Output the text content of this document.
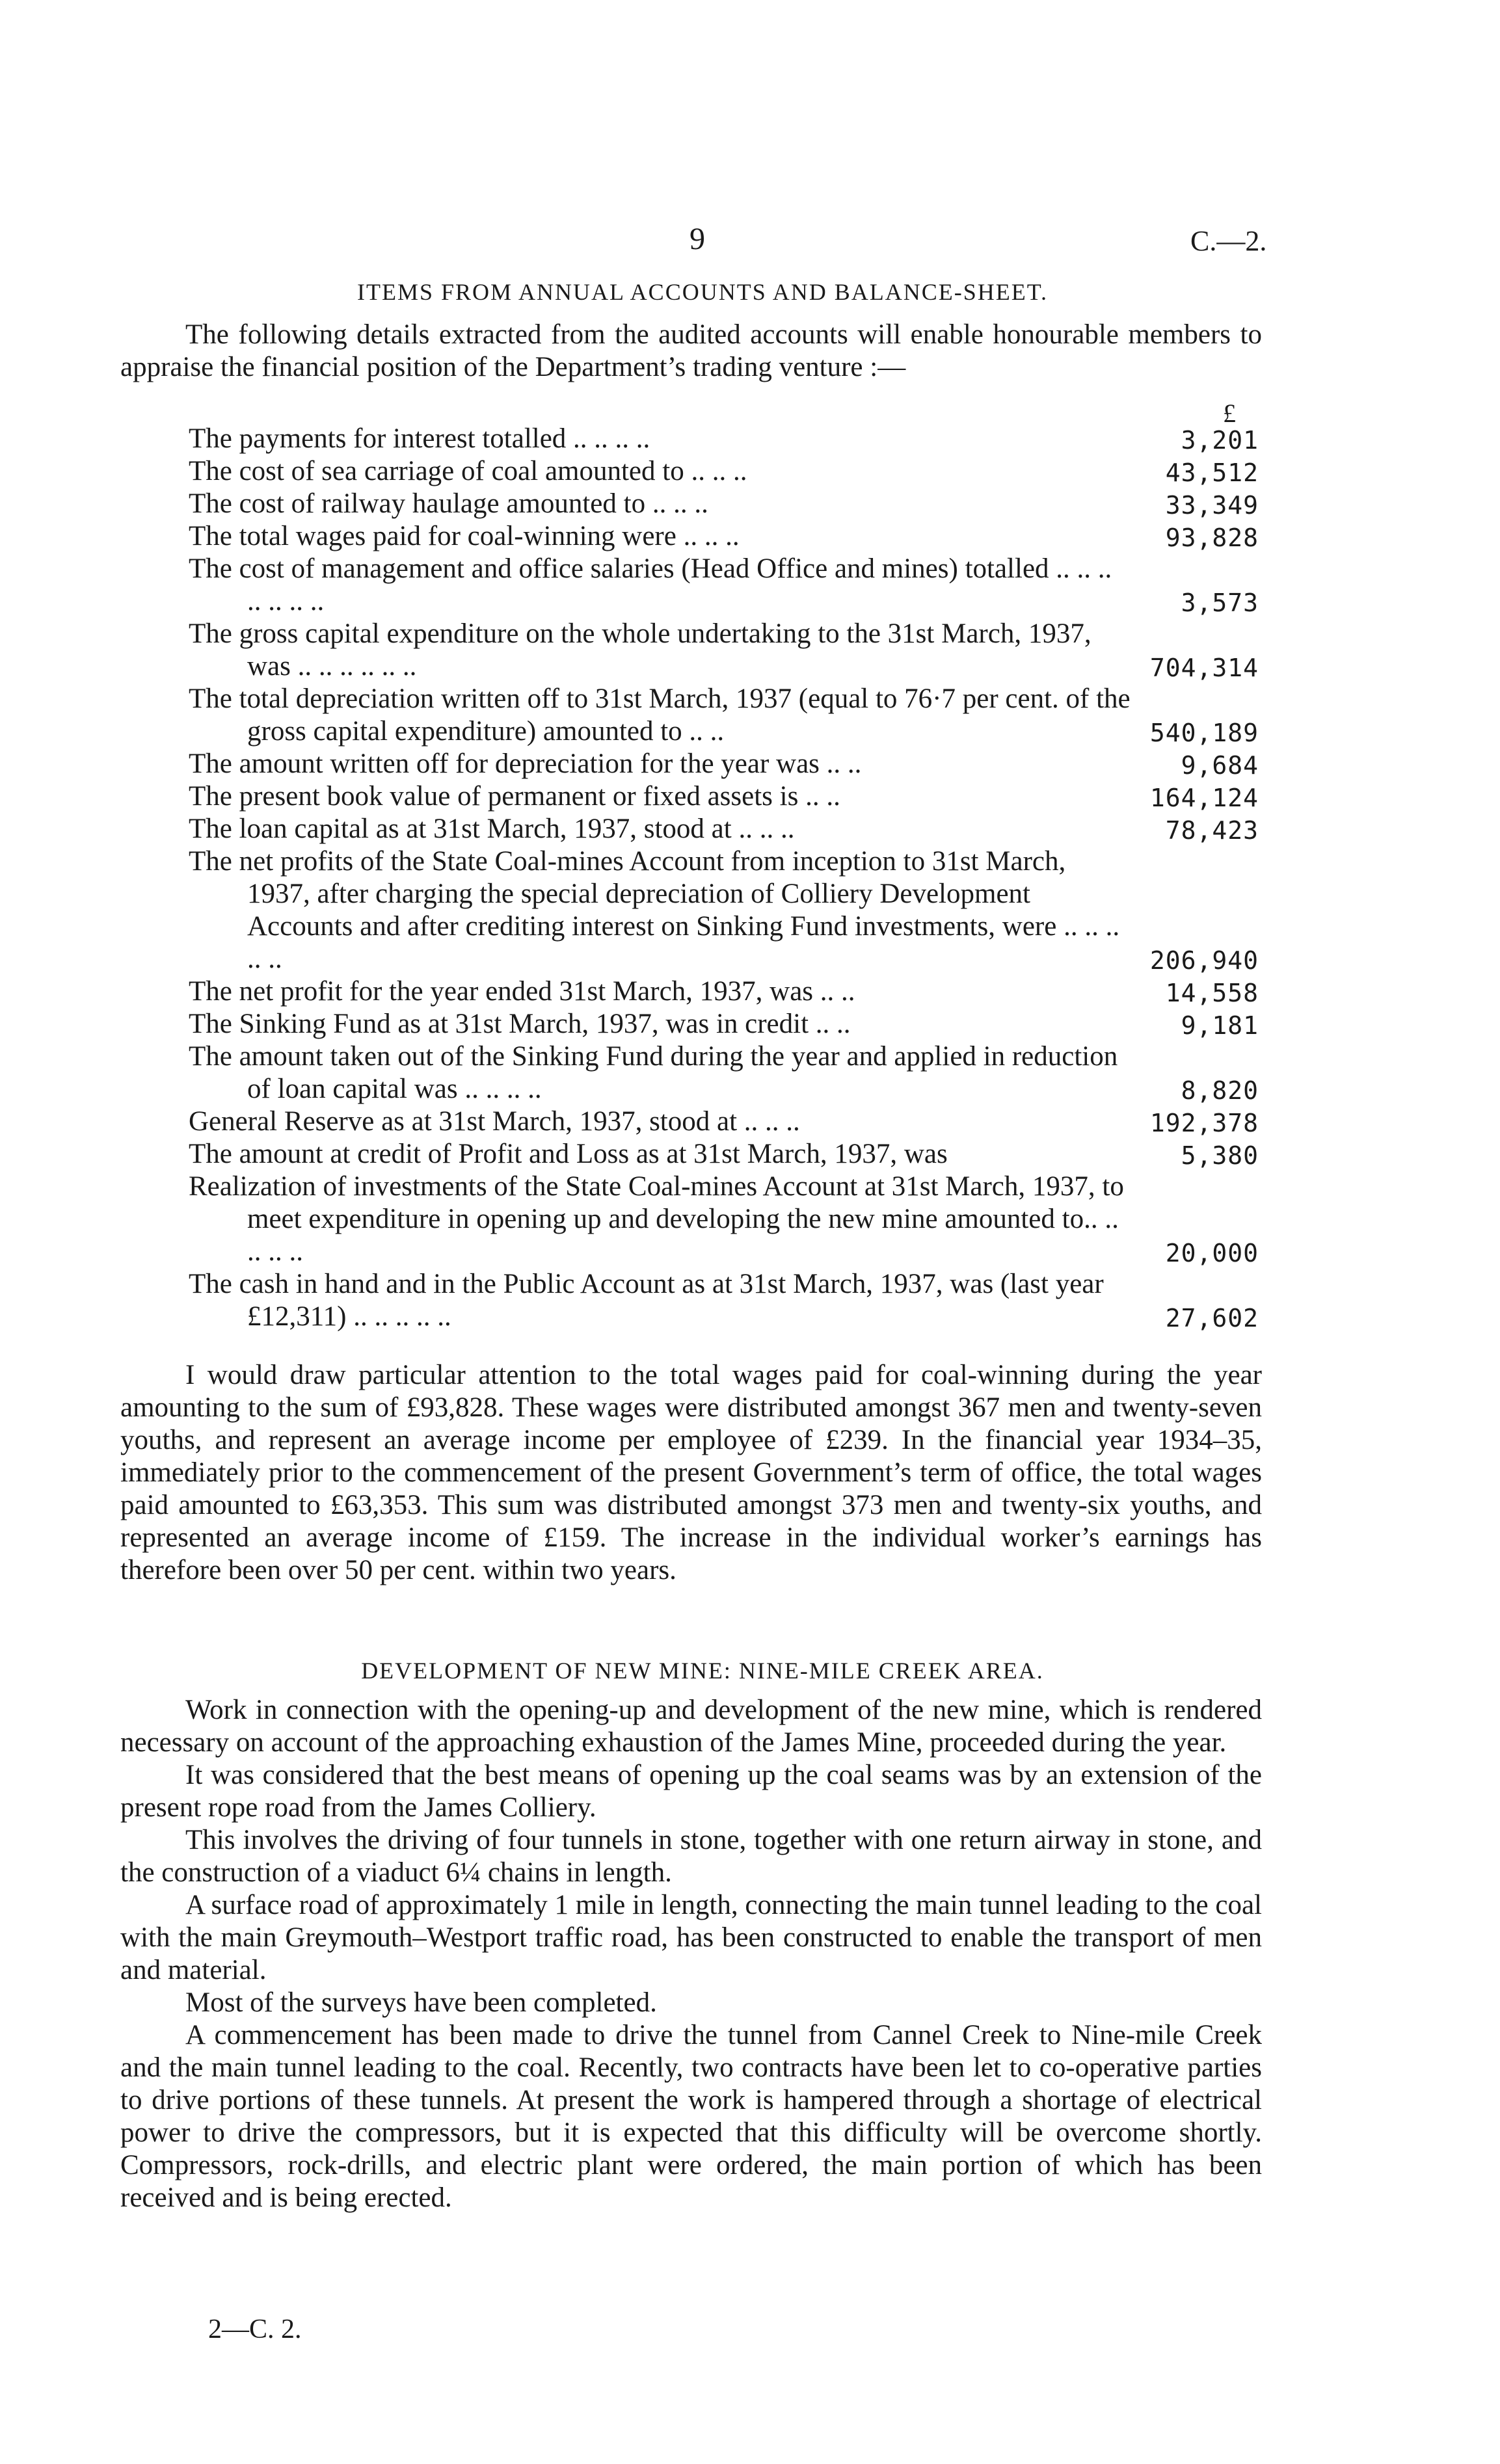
9	C.—2.
ITEMS FROM ANNUAL ACCOUNTS AND BALANCE-SHEET.

The following details extracted from the audited accounts will enable honourable members to appraise the financial position of the Department’s trading venture :—

£
The payments for interest totalled .. .. .. ..	3,201
The cost of sea carriage of coal amounted to .. .. ..	43,512
The cost of railway haulage amounted to .. .. ..	33,349
The total wages paid for coal-winning were .. .. ..	93,828
The cost of management and office salaries (Head Office and mines) totalled .. .. .. .. .. .. ..	3,573
The gross capital expenditure on the whole undertaking to the 31st March, 1937, was .. .. .. .. .. ..	704,314
The total depreciation written off to 31st March, 1937 (equal to 76·7 per cent. of the gross capital expenditure) amounted to .. ..	540,189
The amount written off for depreciation for the year was .. ..	9,684
The present book value of permanent or fixed assets is .. ..	164,124
The loan capital as at 31st March, 1937, stood at .. .. ..	78,423
The net profits of the State Coal-mines Account from inception to 31st March, 1937, after charging the special depreciation of Colliery Development Accounts and after crediting interest on Sinking Fund investments, were .. .. .. .. ..	206,940
The net profit for the year ended 31st March, 1937, was .. ..	14,558
The Sinking Fund as at 31st March, 1937, was in credit .. ..	9,181
The amount taken out of the Sinking Fund during the year and applied in reduction of loan capital was .. .. .. ..	8,820
General Reserve as at 31st March, 1937, stood at .. .. ..	192,378
The amount at credit of Profit and Loss as at 31st March, 1937, was	5,380
Realization of investments of the State Coal-mines Account at 31st March, 1937, to meet expenditure in opening up and developing the new mine amounted to.. .. .. .. ..	20,000
The cash in hand and in the Public Account as at 31st March, 1937, was (last year £12,311) .. .. .. .. ..	27,602

I would draw particular attention to the total wages paid for coal-winning during the year amounting to the sum of £93,828. These wages were distributed amongst 367 men and twenty-seven youths, and represent an average income per employee of £239. In the financial year 1934–35, immediately prior to the commencement of the present Government’s term of office, the total wages paid amounted to £63,353. This sum was distributed amongst 373 men and twenty-six youths, and represented an average income of £159. The increase in the individual worker’s earnings has therefore been over 50 per cent. within two years.

DEVELOPMENT OF NEW MINE: NINE-MILE CREEK AREA.

Work in connection with the opening-up and development of the new mine, which is rendered necessary on account of the approaching exhaustion of the James Mine, proceeded during the year.

It was considered that the best means of opening up the coal seams was by an extension of the present rope road from the James Colliery.

This involves the driving of four tunnels in stone, together with one return airway in stone, and the construction of a viaduct 6¼ chains in length.

A surface road of approximately 1 mile in length, connecting the main tunnel leading to the coal with the main Greymouth–Westport traffic road, has been constructed to enable the transport of men and material.

Most of the surveys have been completed.

A commencement has been made to drive the tunnel from Cannel Creek to Nine-mile Creek and the main tunnel leading to the coal. Recently, two contracts have been let to co-operative parties to drive portions of these tunnels. At present the work is hampered through a shortage of electrical power to drive the compressors, but it is expected that this difficulty will be overcome shortly. Compressors, rock-drills, and electric plant were ordered, the main portion of which has been received and is being erected.

2—C. 2.
